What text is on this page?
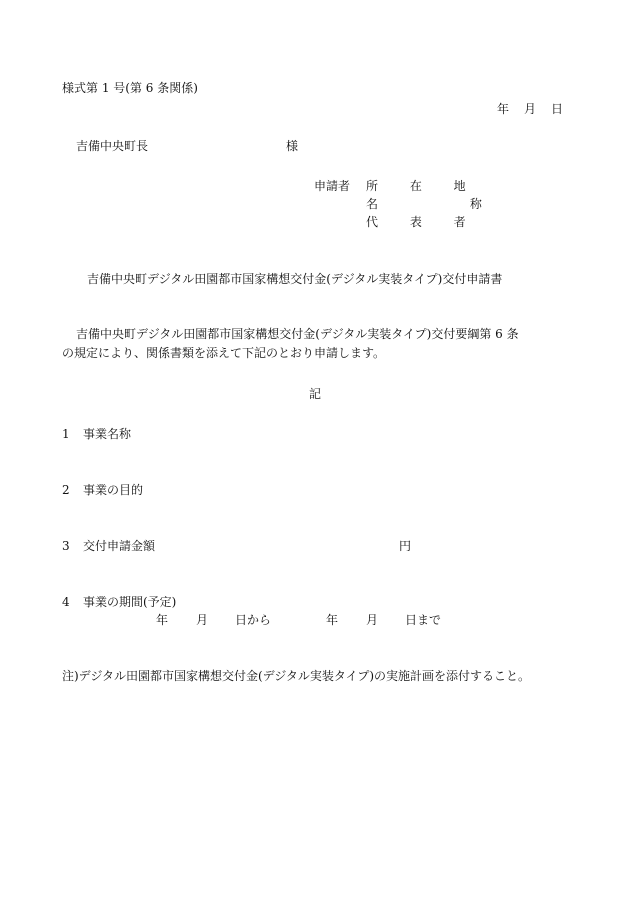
様式第 1 号(第 6 条関係)
年 月 日
吉備中央町長	様
申請者 所 在 地
名 称
代 表 者
吉備中央町デジタル田園都市国家構想交付金(デジタル実装タイプ)交付申請書
吉備中央町デジタル田園都市国家構想交付金(デジタル実装タイプ)交付要綱第 6 条
の規定により、関係書類を添えて下記のとおり申請します。
記
1 事業名称
2 事業の目的
3 交付申請金額	円
4 事業の期間(予定)
年 月 日から	年 月 日まで
注)デジタル田園都市国家構想交付金(デジタル実装タイプ)の実施計画を添付すること。
